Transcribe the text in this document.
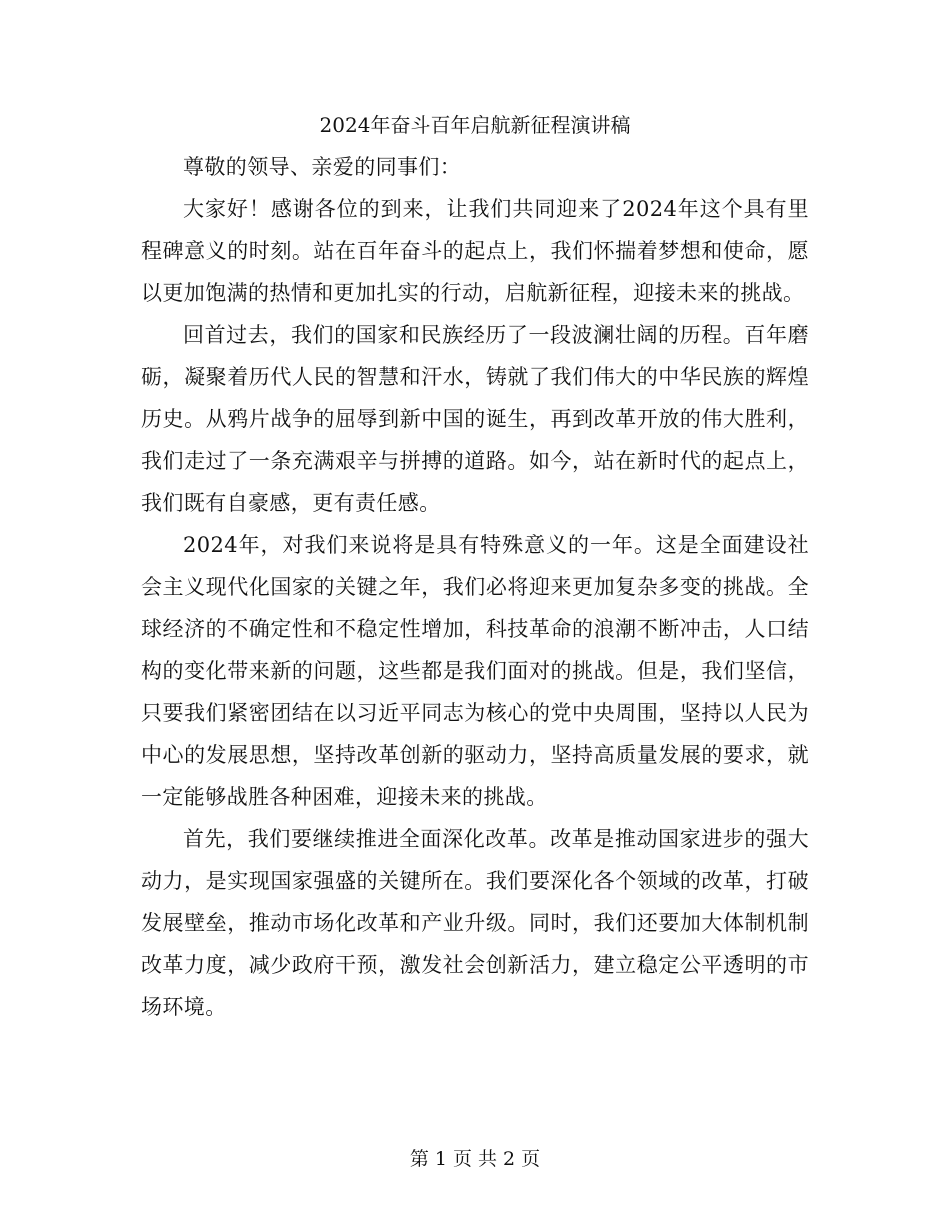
2024年奋斗百年启航新征程演讲稿

尊敬的领导、亲爱的同事们：

大家好！感谢各位的到来，让我们共同迎来了2024年这个具有里程碑意义的时刻。站在百年奋斗的起点上，我们怀揣着梦想和使命，愿以更加饱满的热情和更加扎实的行动，启航新征程，迎接未来的挑战。

回首过去，我们的国家和民族经历了一段波澜壮阔的历程。百年磨砺，凝聚着历代人民的智慧和汗水，铸就了我们伟大的中华民族的辉煌历史。从鸦片战争的屈辱到新中国的诞生，再到改革开放的伟大胜利，我们走过了一条充满艰辛与拼搏的道路。如今，站在新时代的起点上，我们既有自豪感，更有责任感。

2024年，对我们来说将是具有特殊意义的一年。这是全面建设社会主义现代化国家的关键之年，我们必将迎来更加复杂多变的挑战。全球经济的不确定性和不稳定性增加，科技革命的浪潮不断冲击，人口结构的变化带来新的问题，这些都是我们面对的挑战。但是，我们坚信，只要我们紧密团结在以习近平同志为核心的党中央周围，坚持以人民为中心的发展思想，坚持改革创新的驱动力，坚持高质量发展的要求，就一定能够战胜各种困难，迎接未来的挑战。

首先，我们要继续推进全面深化改革。改革是推动国家进步的强大动力，是实现国家强盛的关键所在。我们要深化各个领域的改革，打破发展壁垒，推动市场化改革和产业升级。同时，我们还要加大体制机制改革力度，减少政府干预，激发社会创新活力，建立稳定公平透明的市场环境。

第 1 页 共 2 页
